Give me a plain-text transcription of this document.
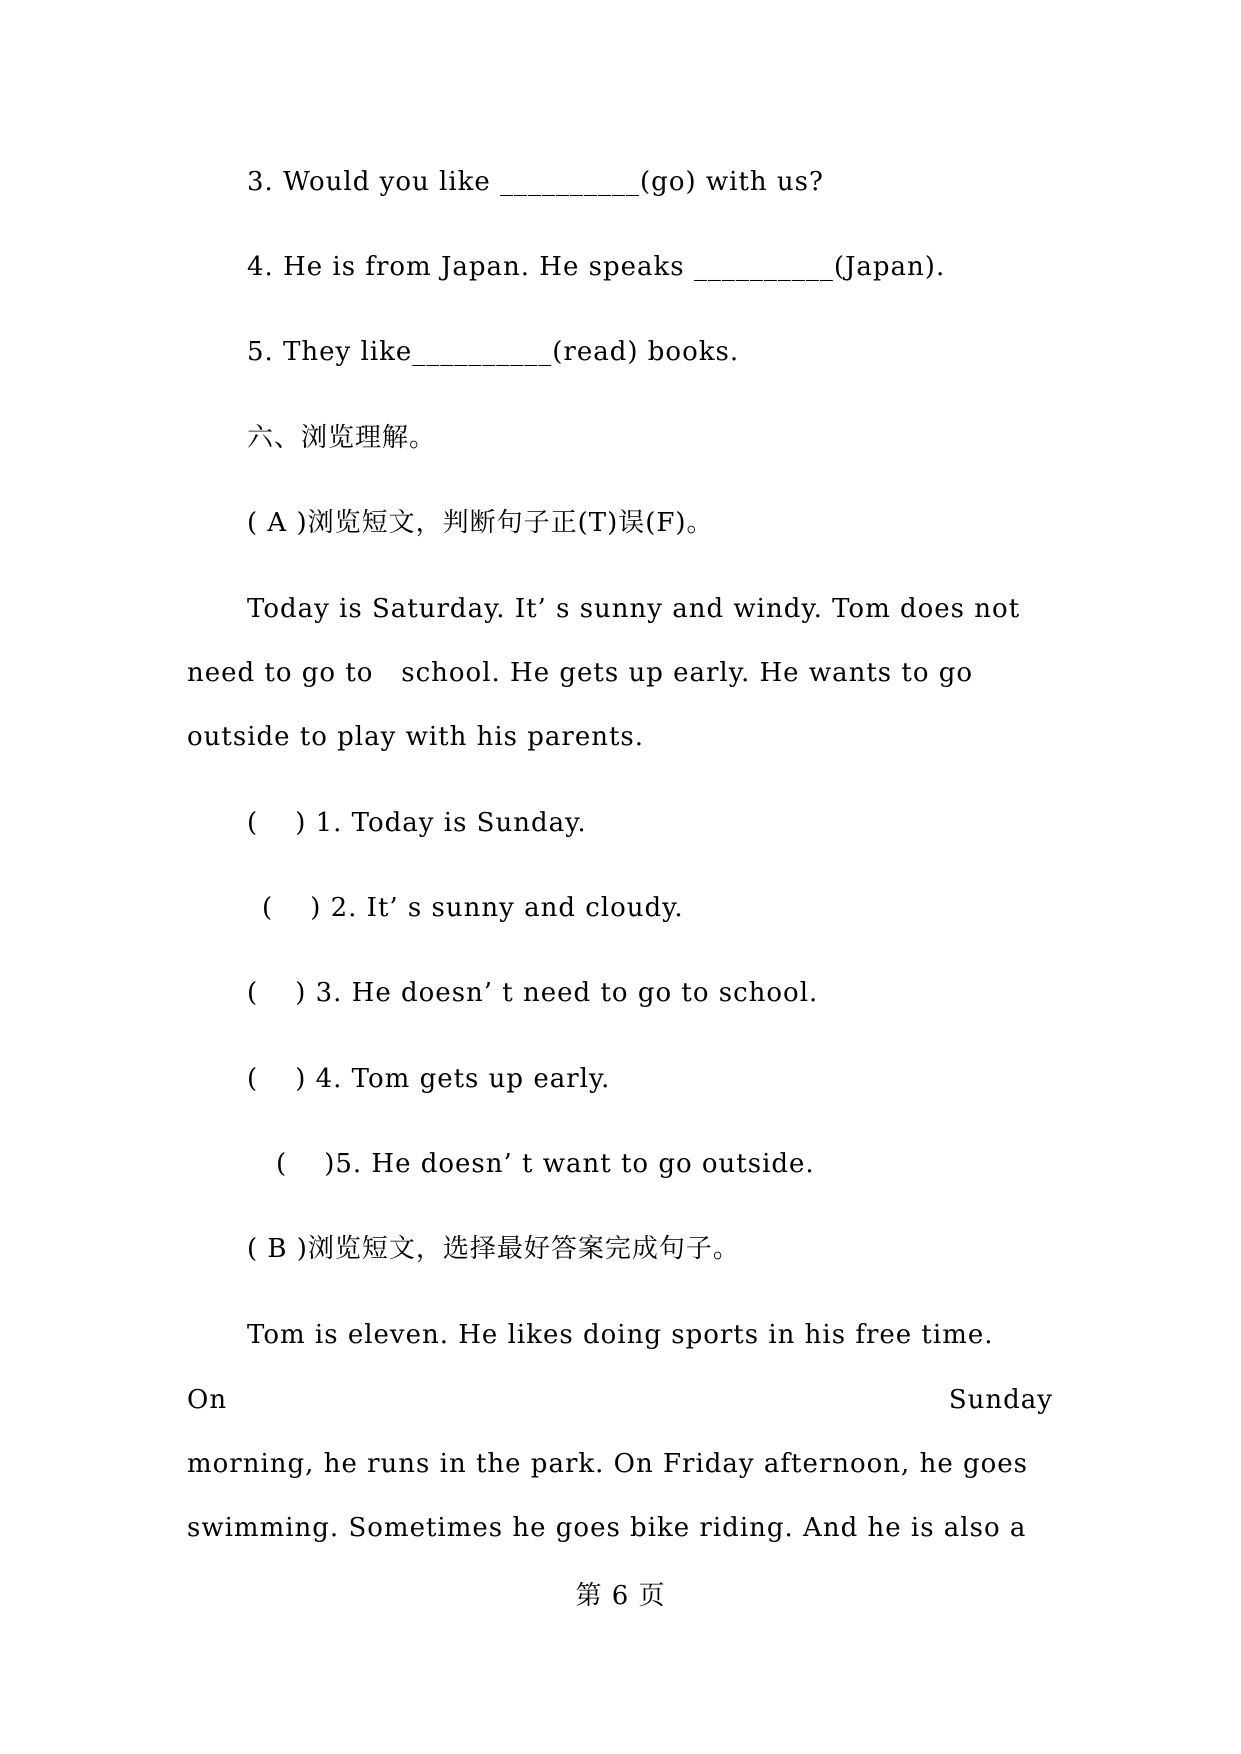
3. Would you like __________(go) with us?
4. He is from Japan. He speaks __________(Japan).
5. They like__________(read) books.
六、浏览理解。
( A )浏览短文，判断句子正(T)误(F)。
Today is Saturday. It’ s sunny and windy. Tom does not
need to go to   school. He gets up early. He wants to go
outside to play with his parents.
(    ) 1. Today is Sunday.
(    ) 2. It’ s sunny and cloudy.
(    ) 3. He doesn’ t need to go to school.
(    ) 4. Tom gets up early.
(    )5. He doesn’ t want to go outside.
( B )浏览短文，选择最好答案完成句子。
Tom is eleven. He likes doing sports in his free time.
On	Sunday
morning, he runs in the park. On Friday afternoon, he goes
swimming. Sometimes he goes bike riding. And he is also a
第 6 页
